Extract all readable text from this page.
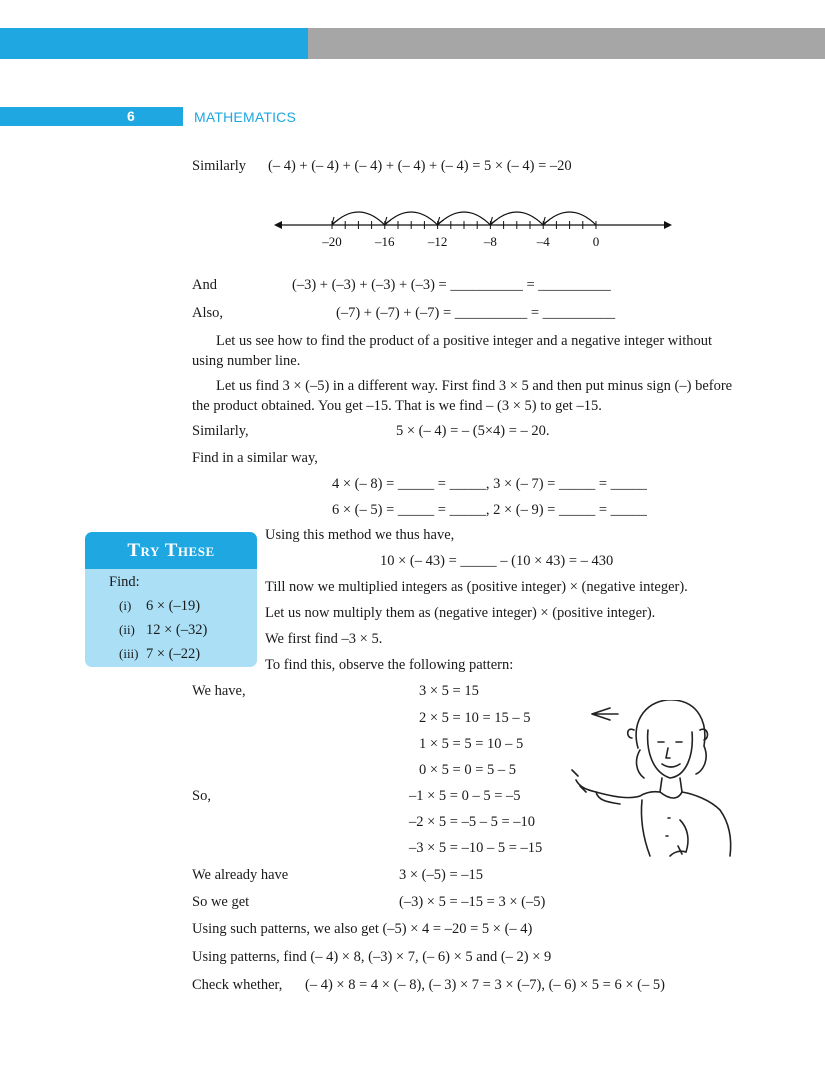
6	MATHEMATICS
Similarly (– 4) + (– 4) + (– 4) + (– 4) + (– 4) = 5 × (– 4) = –20
–20	–16	–12	–8	–4	0
And	(–3) + (–3) + (–3) + (–3) = __________ = __________
Also,	(–7) + (–7) + (–7) = __________ = __________
Let us see how to find the product of a positive integer and a negative integer without using number line.
Let us find 3 × (–5) in a different way. First find 3 × 5 and then put minus sign (–) before the product obtained. You get –15. That is we find – (3 × 5) to get –15.
Similarly,	5 × (– 4) = – (5×4) = – 20.
Find in a similar way,
4 × (– 8) = _____ = _____, 3 × (– 7) = _____ = _____
6 × (– 5) = _____ = _____, 2 × (– 9) = _____ = _____
Using this method we thus have,
10 × (– 43) = _____ – (10 × 43) = – 430
Till now we multiplied integers as (positive integer) × (negative integer).
Let us now multiply them as (negative integer) × (positive integer).
We first find –3 × 5.
To find this, observe the following pattern:
Try These
Find:
(i) 6 × (–19)
(ii) 12 × (–32)
(iii) 7 × (–22)
We have,	3 × 5 = 15
2 × 5 = 10 = 15 – 5
1 × 5 = 5 = 10 – 5
0 × 5 = 0 = 5 – 5
So,	–1 × 5 = 0 – 5 = –5
–2 × 5 = –5 – 5 = –10
–3 × 5 = –10 – 5 = –15
We already have	3 × (–5) = –15
So we get	(–3) × 5 = –15 = 3 × (–5)
Using such patterns, we also get (–5) × 4 = –20 = 5 × (– 4)
Using patterns, find (– 4) × 8, (–3) × 7, (– 6) × 5 and (– 2) × 9
Check whether, (– 4) × 8 = 4 × (– 8), (– 3) × 7 = 3 × (–7), (– 6) × 5 = 6 × (– 5)
